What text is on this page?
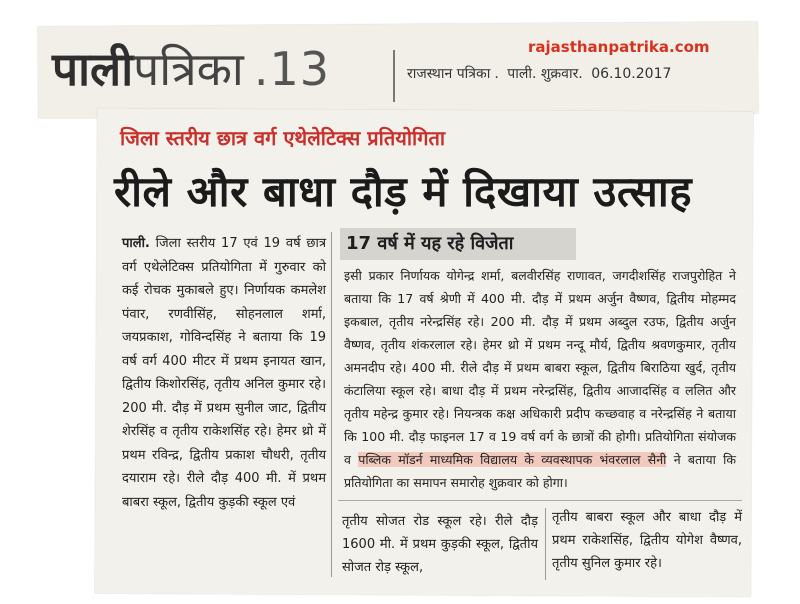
पालीपत्रिका .13	rajasthanpatrika.com
राजस्थान पत्रिका . पाली. शुक्रवार. 06.10.2017
जिला स्तरीय छात्र वर्ग एथेलेटिक्स प्रतियोगिता
रीले और बाधा दौड़ में दिखाया उत्साह
पाली. जिला स्तरीय 17 एवं 19 वर्ष छात्र वर्ग एथेलेटिक्स प्रतियोगिता में गुरुवार को कई रोचक मुकाबले हुए। निर्णायक कमलेश पंवार, रणवीसिंह, सोहनलाल शर्मा, जयप्रकाश, गोविन्दसिंह ने बताया कि 19 वर्ष वर्ग 400 मीटर में प्रथम इनायत खान, द्वितीय किशोरसिंह, तृतीय अनिल कुमार रहे। 200 मी. दौड़ में प्रथम सुनील जाट, द्वितीय शेरसिंह व तृतीय राकेशसिंह रहे। हेमर थ्रो में प्रथम रविन्द्र, द्वितीय प्रकाश चौधरी, तृतीय दयाराम रहे। रीले दौड़ 400 मी. में प्रथम बाबरा स्कूल, द्वितीय कुड़की स्कूल एवं
17 वर्ष में यह रहे विजेता
इसी प्रकार निर्णायक योगेन्द्र शर्मा, बलवीरसिंह राणावत, जगदीशसिंह राजपुरोहित ने बताया कि 17 वर्ष श्रेणी में 400 मी. दौड़ में प्रथम अर्जुन वैष्णव, द्वितीय मोहम्मद इकबाल, तृतीय नरेन्द्रसिंह रहे। 200 मी. दौड़ में प्रथम अब्दुल रउफ, द्वितीय अर्जुन वैष्णव, तृतीय शंकरलाल रहे। हेमर थ्रो में प्रथम नन्दू मौर्य, द्वितीय श्रवणकुमार, तृतीय अमनदीप रहे। 400 मी. रीले दौड़ में प्रथम बाबरा स्कूल, द्वितीय बिराठिया खुर्द, तृतीय कंटालिया स्कूल रहे। बाधा दौड़ में प्रथम नरेन्द्रसिंह, द्वितीय आजादसिंह व ललित और तृतीय महेन्द्र कुमार रहे। नियन्त्रक कक्ष अधिकारी प्रदीप कच्छवाह व नरेन्द्रसिंह ने बताया कि 100 मी. दौड़ फाइनल 17 व 19 वर्ष वर्ग के छात्रों की होगी। प्रतियोगिता संयोजक व पब्लिक मॉडर्न माध्यमिक विद्यालय के व्यवस्थापक भंवरलाल सैनी ने बताया कि प्रतियोगिता का समापन समारोह शुक्रवार को होगा।
तृतीय सोजत रोड स्कूल रहे। रीले दौड़ 1600 मी. में प्रथम कुड़की स्कूल, द्वितीय सोजत रोड़ स्कूल,
तृतीय बाबरा स्कूल और बाधा दौड़ में प्रथम राकेशसिंह, द्वितीय योगेश वैष्णव, तृतीय सुनिल कुमार रहे।
